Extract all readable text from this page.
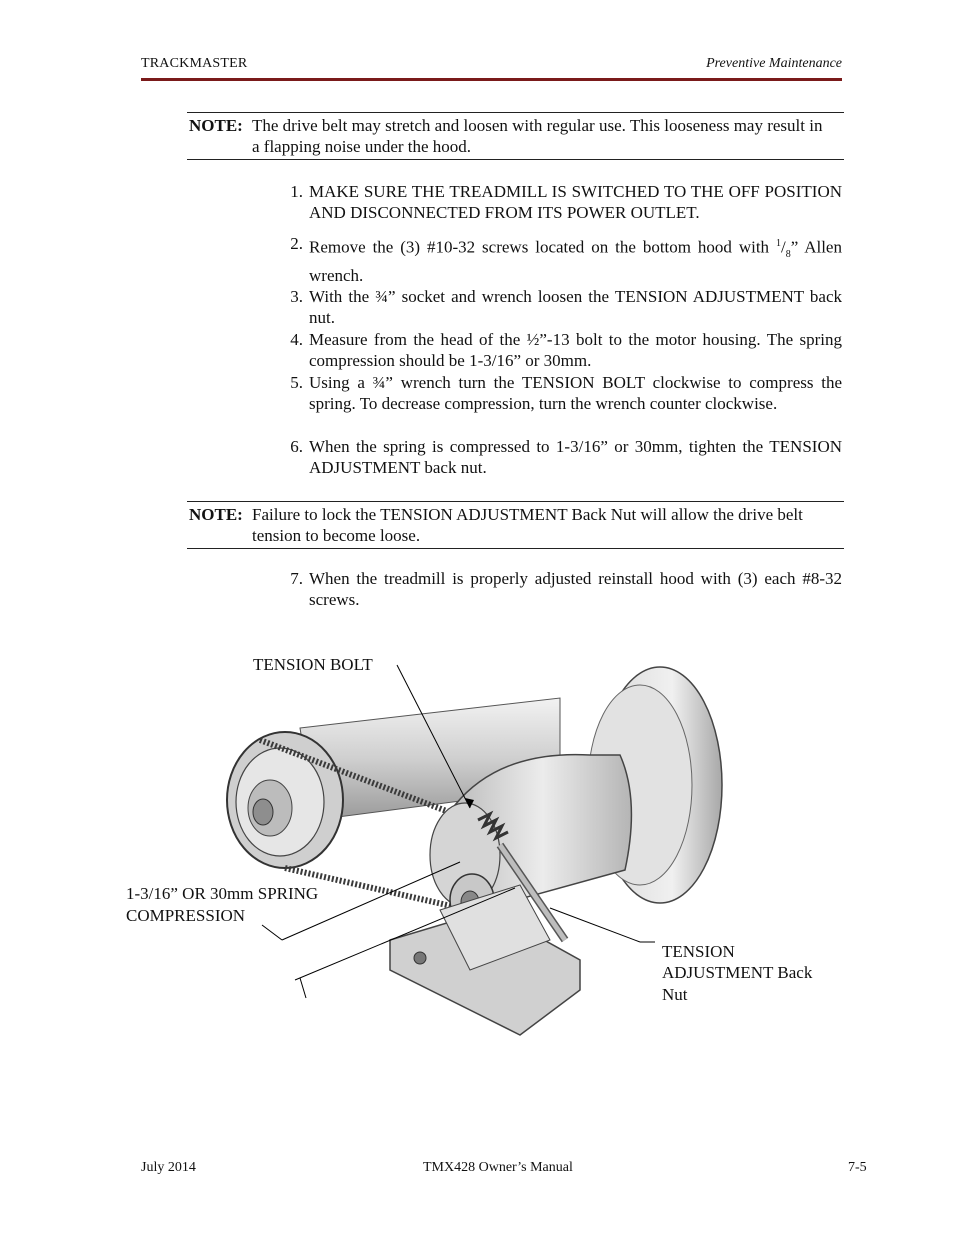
TRACKMASTER	Preventive Maintenance
NOTE: The drive belt may stretch and loosen with regular use. This looseness may result in a flapping noise under the hood.
1. MAKE SURE THE TREADMILL IS SWITCHED TO THE OFF POSITION AND DISCONNECTED FROM ITS POWER OUTLET.
2. Remove the (3) #10-32 screws located on the bottom hood with $^1/_8$” Allen wrench.
3. With the ¾” socket and wrench loosen the TENSION ADJUSTMENT back nut.
4. Measure from the head of the ½”-13 bolt to the motor housing. The spring compression should be 1-3/16” or 30mm.
5. Using a ¾” wrench turn the TENSION BOLT clockwise to compress the spring. To decrease compression, turn the wrench counter clockwise.
6. When the spring is compressed to 1-3/16” or 30mm, tighten the TENSION ADJUSTMENT back nut.
NOTE: Failure to lock the TENSION ADJUSTMENT Back Nut will allow the drive belt tension to become loose.
7. When the treadmill is properly adjusted reinstall hood with (3) each #8-32 screws.
TENSION BOLT
1-3/16” OR 30mm SPRING
COMPRESSION
TENSION
ADJUSTMENT Back
Nut
July 2014	TMX428 Owner’s Manual	7-5
